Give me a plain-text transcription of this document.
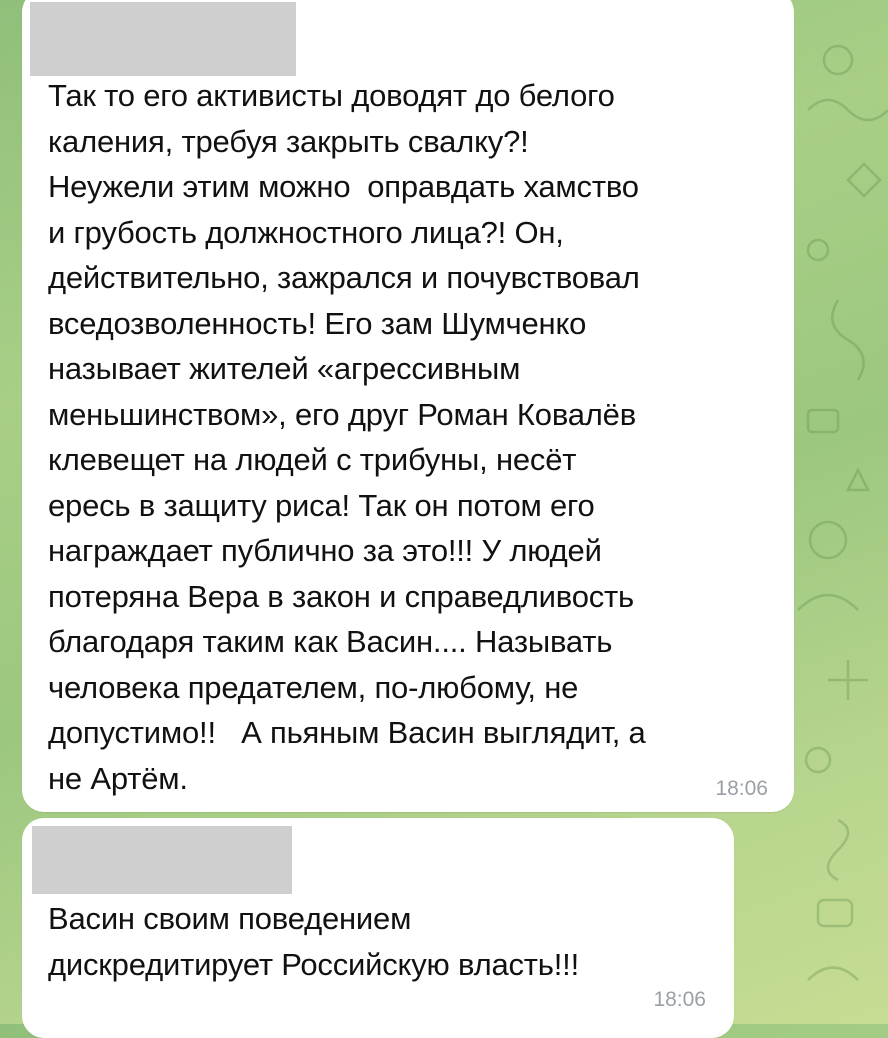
Так то его активисты доводят до белого
каления, требуя закрыть свалку?!
Неужели этим можно  оправдать хамство
и грубость должностного лица?! Он,
действительно, зажрался и почувствовал
вседозволенность! Его зам Шумченко
называет жителей «агрессивным
меньшинством», его друг Роман Ковалёв
клевещет на людей с трибуны, несёт
ересь в защиту риса! Так он потом его
награждает публично за это!!! У людей
потеряна Вера в закон и справедливость
благодаря таким как Васин.... Называть
человека предателем, по-любому, не
допустимо!!   А пьяным Васин выглядит, а
не Артём.	18:06

Васин своим поведением
дискредитирует Российскую власть!!!

18:06
